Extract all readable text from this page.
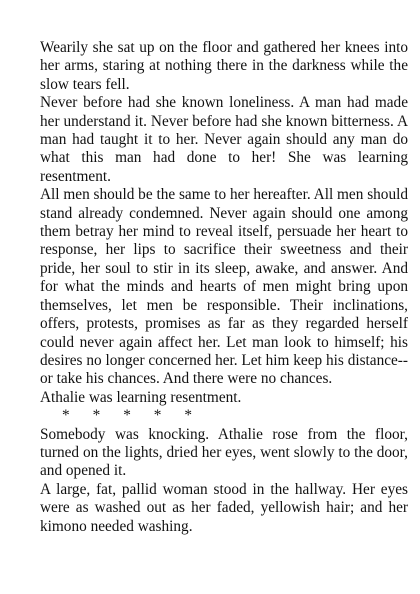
Wearily she sat up on the floor and gathered her knees into her arms, staring at nothing there in the darkness while the slow tears fell.

Never before had she known loneliness. A man had made her understand it. Never before had she known bitterness. A man had taught it to her. Never again should any man do what this man had done to her! She was learning resentment.

All men should be the same to her hereafter. All men should stand already condemned. Never again should one among them betray her mind to reveal itself, persuade her heart to response, her lips to sacrifice their sweetness and their pride, her soul to stir in its sleep, awake, and answer. And for what the minds and hearts of men might bring upon themselves, let men be responsible. Their inclinations, offers, protests, promises as far as they regarded herself could never again affect her. Let man look to himself; his desires no longer concerned her. Let him keep his distance--or take his chances. And there were no chances.

Athalie was learning resentment.

*      *      *      *      *

Somebody was knocking. Athalie rose from the floor, turned on the lights, dried her eyes, went slowly to the door, and opened it.

A large, fat, pallid woman stood in the hallway. Her eyes were as washed out as her faded, yellowish hair; and her kimono needed washing.
